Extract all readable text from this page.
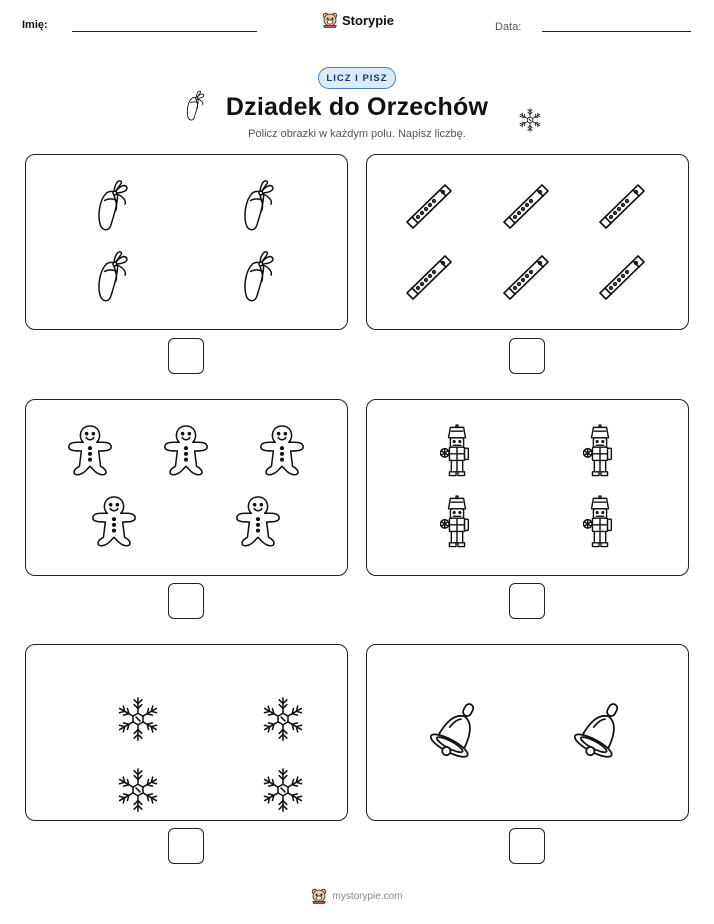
Imię:	Storypie	Data:
LICZ I PISZ
Dziadek do Orzechów
Policz obrazki w każdym polu. Napisz liczbę.
mystorypie.com
